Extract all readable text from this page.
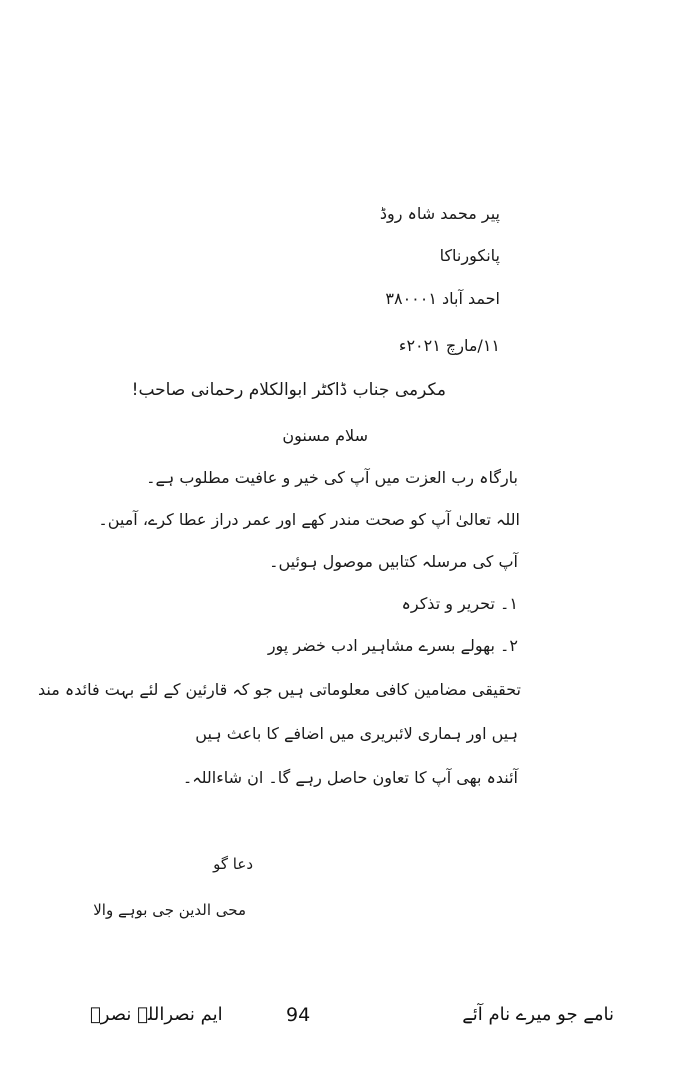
پیر محمد شاہ روڈ
پانکورناکا
احمد آباد ۳۸۰۰۰۱
۱۱/مارچ ۲۰۲۱ء
مکرمی جناب ڈاکٹر ابوالکلام رحمانی صاحب!
سلام مسنون
بارگاہ رب العزت میں آپ کی خیر و عافیت مطلوب ہے۔
اللہ تعالیٰ آپ کو صحت مندر کھے اور عمر دراز عطا کرے، آمین۔
آپ کی مرسلہ کتابیں موصول ہوئیں۔
۱۔ تحریر و تذکرہ
۲۔ بھولے بسرے مشاہیر ادب خضر پور
تحقیقی مضامین کافی معلوماتی ہیں جو کہ قارئین کے لئے بہت فائدہ مند
ہیں اور ہماری لائبریری میں اضافے کا باعث ہیں
آئندہ بھی آپ کا تعاون حاصل رہے گا۔ ان شاءاللہ۔
دعا گو
محی الدین جی بوہے والا
نامے جو میرے نام آئے
94
ایم نصراللہ نصرؔ
